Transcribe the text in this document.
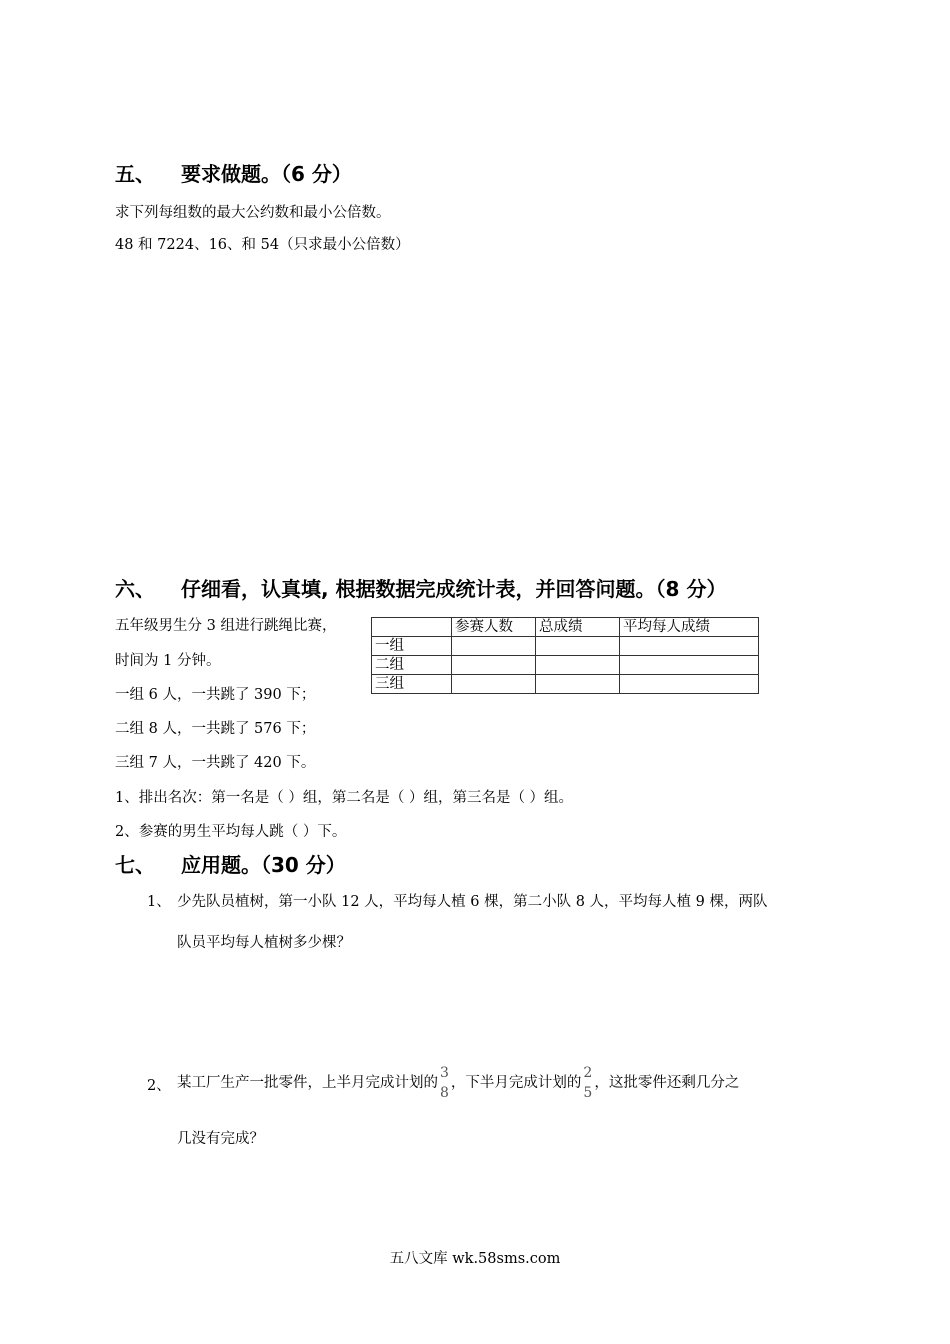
五、 要求做题。（6 分）
求下列每组数的最大公约数和最小公倍数。
48 和 7224、16、和 54（只求最小公倍数）
六、 仔细看，认真填, 根据数据完成统计表，并回答问题。（8 分）
五年级男生分 3 组进行跳绳比赛，
时间为 1 分钟。
一组 6 人，一共跳了 390 下；
二组 8 人，一共跳了 576 下；
三组 7 人，一共跳了 420 下。
	参赛人数	总成绩	平均每人成绩
一组			
二组			
三组			
1、排出名次：第一名是（ ）组，第二名是（ ）组，第三名是（ ）组。
2、参赛的男生平均每人跳（ ）下。
七、 应用题。（30 分）
1、 少先队员植树，第一小队 12 人，平均每人植 6 棵，第二小队 8 人，平均每人植 9 棵，两队
队员平均每人植树多少棵？
2、 某工厂生产一批零件，上半月完成计划的
3
8
，下半月完成计划的
2
5
，这批零件还剩几分之
几没有完成？
五八文库 wk.58sms.com
